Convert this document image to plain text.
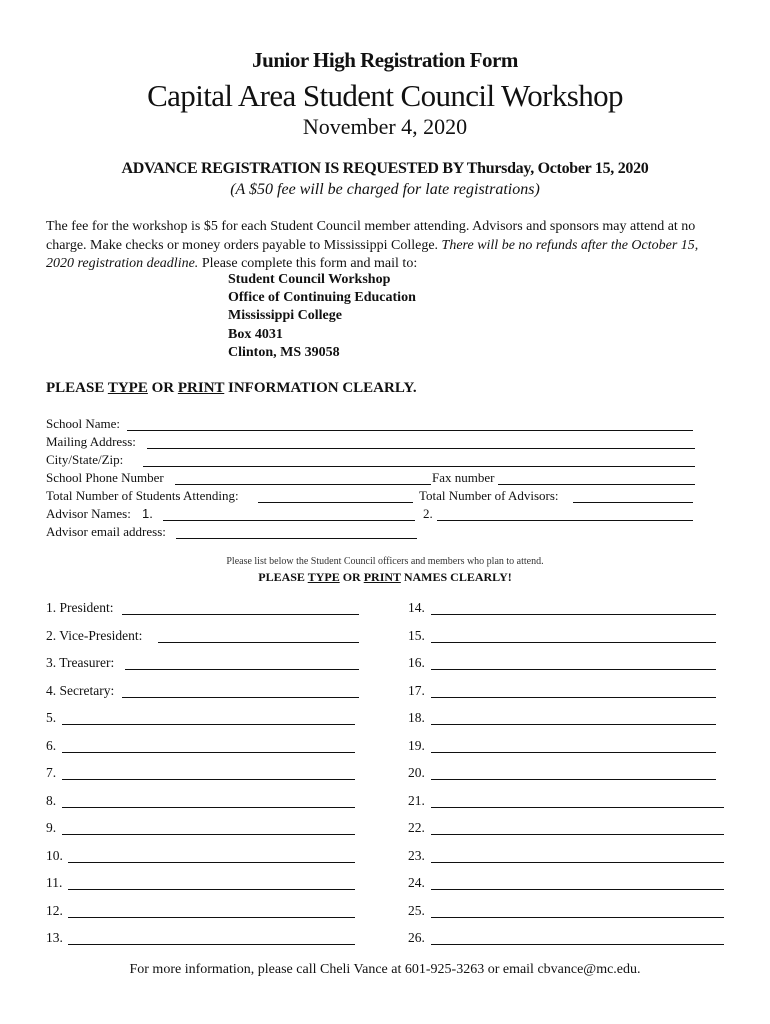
Junior High Registration Form
Capital Area Student Council Workshop
November 4, 2020
ADVANCE REGISTRATION IS REQUESTED BY Thursday, October 15, 2020
(A $50 fee will be charged for late registrations)
The fee for the workshop is $5 for each Student Council member attending. Advisors and sponsors may attend at no charge. Make checks or money orders payable to Mississippi College. There will be no refunds after the October 15, 2020 registration deadline. Please complete this form and mail to:
Student Council Workshop
Office of Continuing Education
Mississippi College
Box 4031
Clinton, MS 39058
PLEASE TYPE OR PRINT INFORMATION CLEARLY.
School Name:
Mailing Address:
City/State/Zip:
School Phone Number	Fax number
Total Number of Students Attending:	Total Number of Advisors:
Advisor Names: 1.	2.
Advisor email address:
Please list below the Student Council officers and members who plan to attend.
PLEASE TYPE OR PRINT NAMES CLEARLY!
1. President:
2. Vice-President:
3. Treasurer:
4. Secretary:
5.
6.
7.
8.
9.
10.
11.
12.
13.
14.
15.
16.
17.
18.
19.
20.
21.
22.
23.
24.
25.
26.
For more information, please call Cheli Vance at 601-925-3263 or email cbvance@mc.edu.
